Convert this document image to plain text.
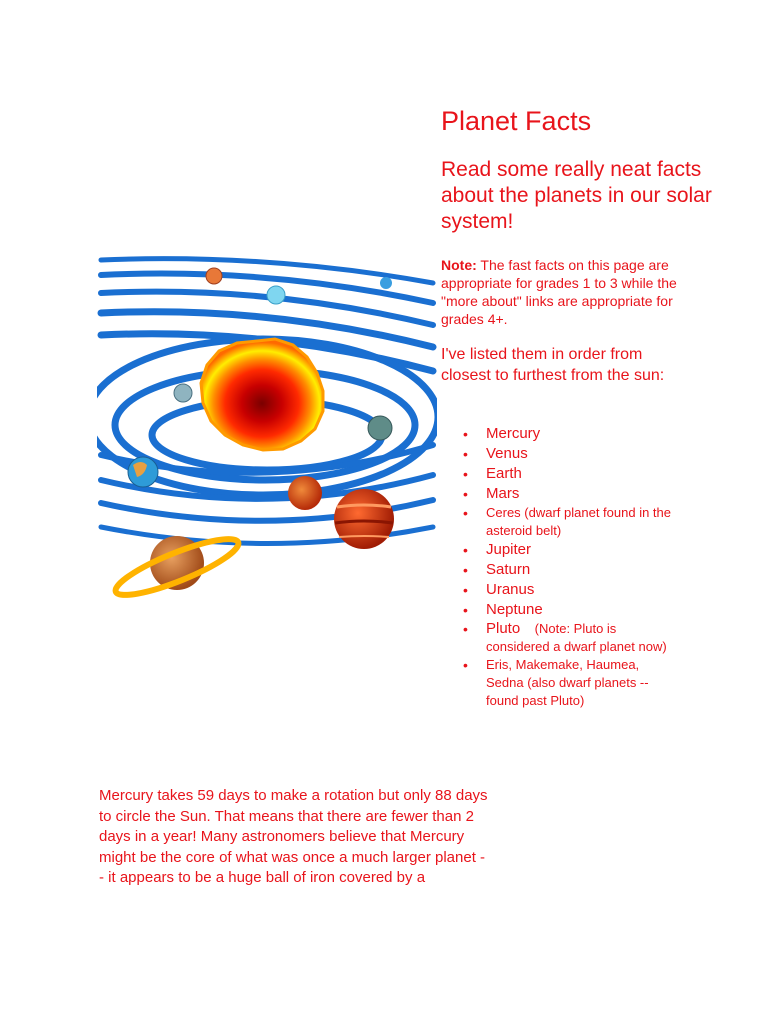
Planet Facts

Read some really neat facts about the planets in our solar system!

Note: The fast facts on this page are appropriate for grades 1 to 3 while the "more about" links are appropriate for grades 4+.

I've listed them in order from closest to furthest from the sun:

• Mercury
• Venus
• Earth
• Mars
• Ceres (dwarf planet found in the asteroid belt)
• Jupiter
• Saturn
• Uranus
• Neptune
• Pluto (Note: Pluto is considered a dwarf planet now)
• Eris, Makemake, Haumea, Sedna (also dwarf planets -- found past Pluto)

Mercury takes 59 days to make a rotation but only 88 days to circle the Sun. That means that there are fewer than 2 days in a year! Many astronomers believe that Mercury might be the core of what was once a much larger planet -- it appears to be a huge ball of iron covered by a
